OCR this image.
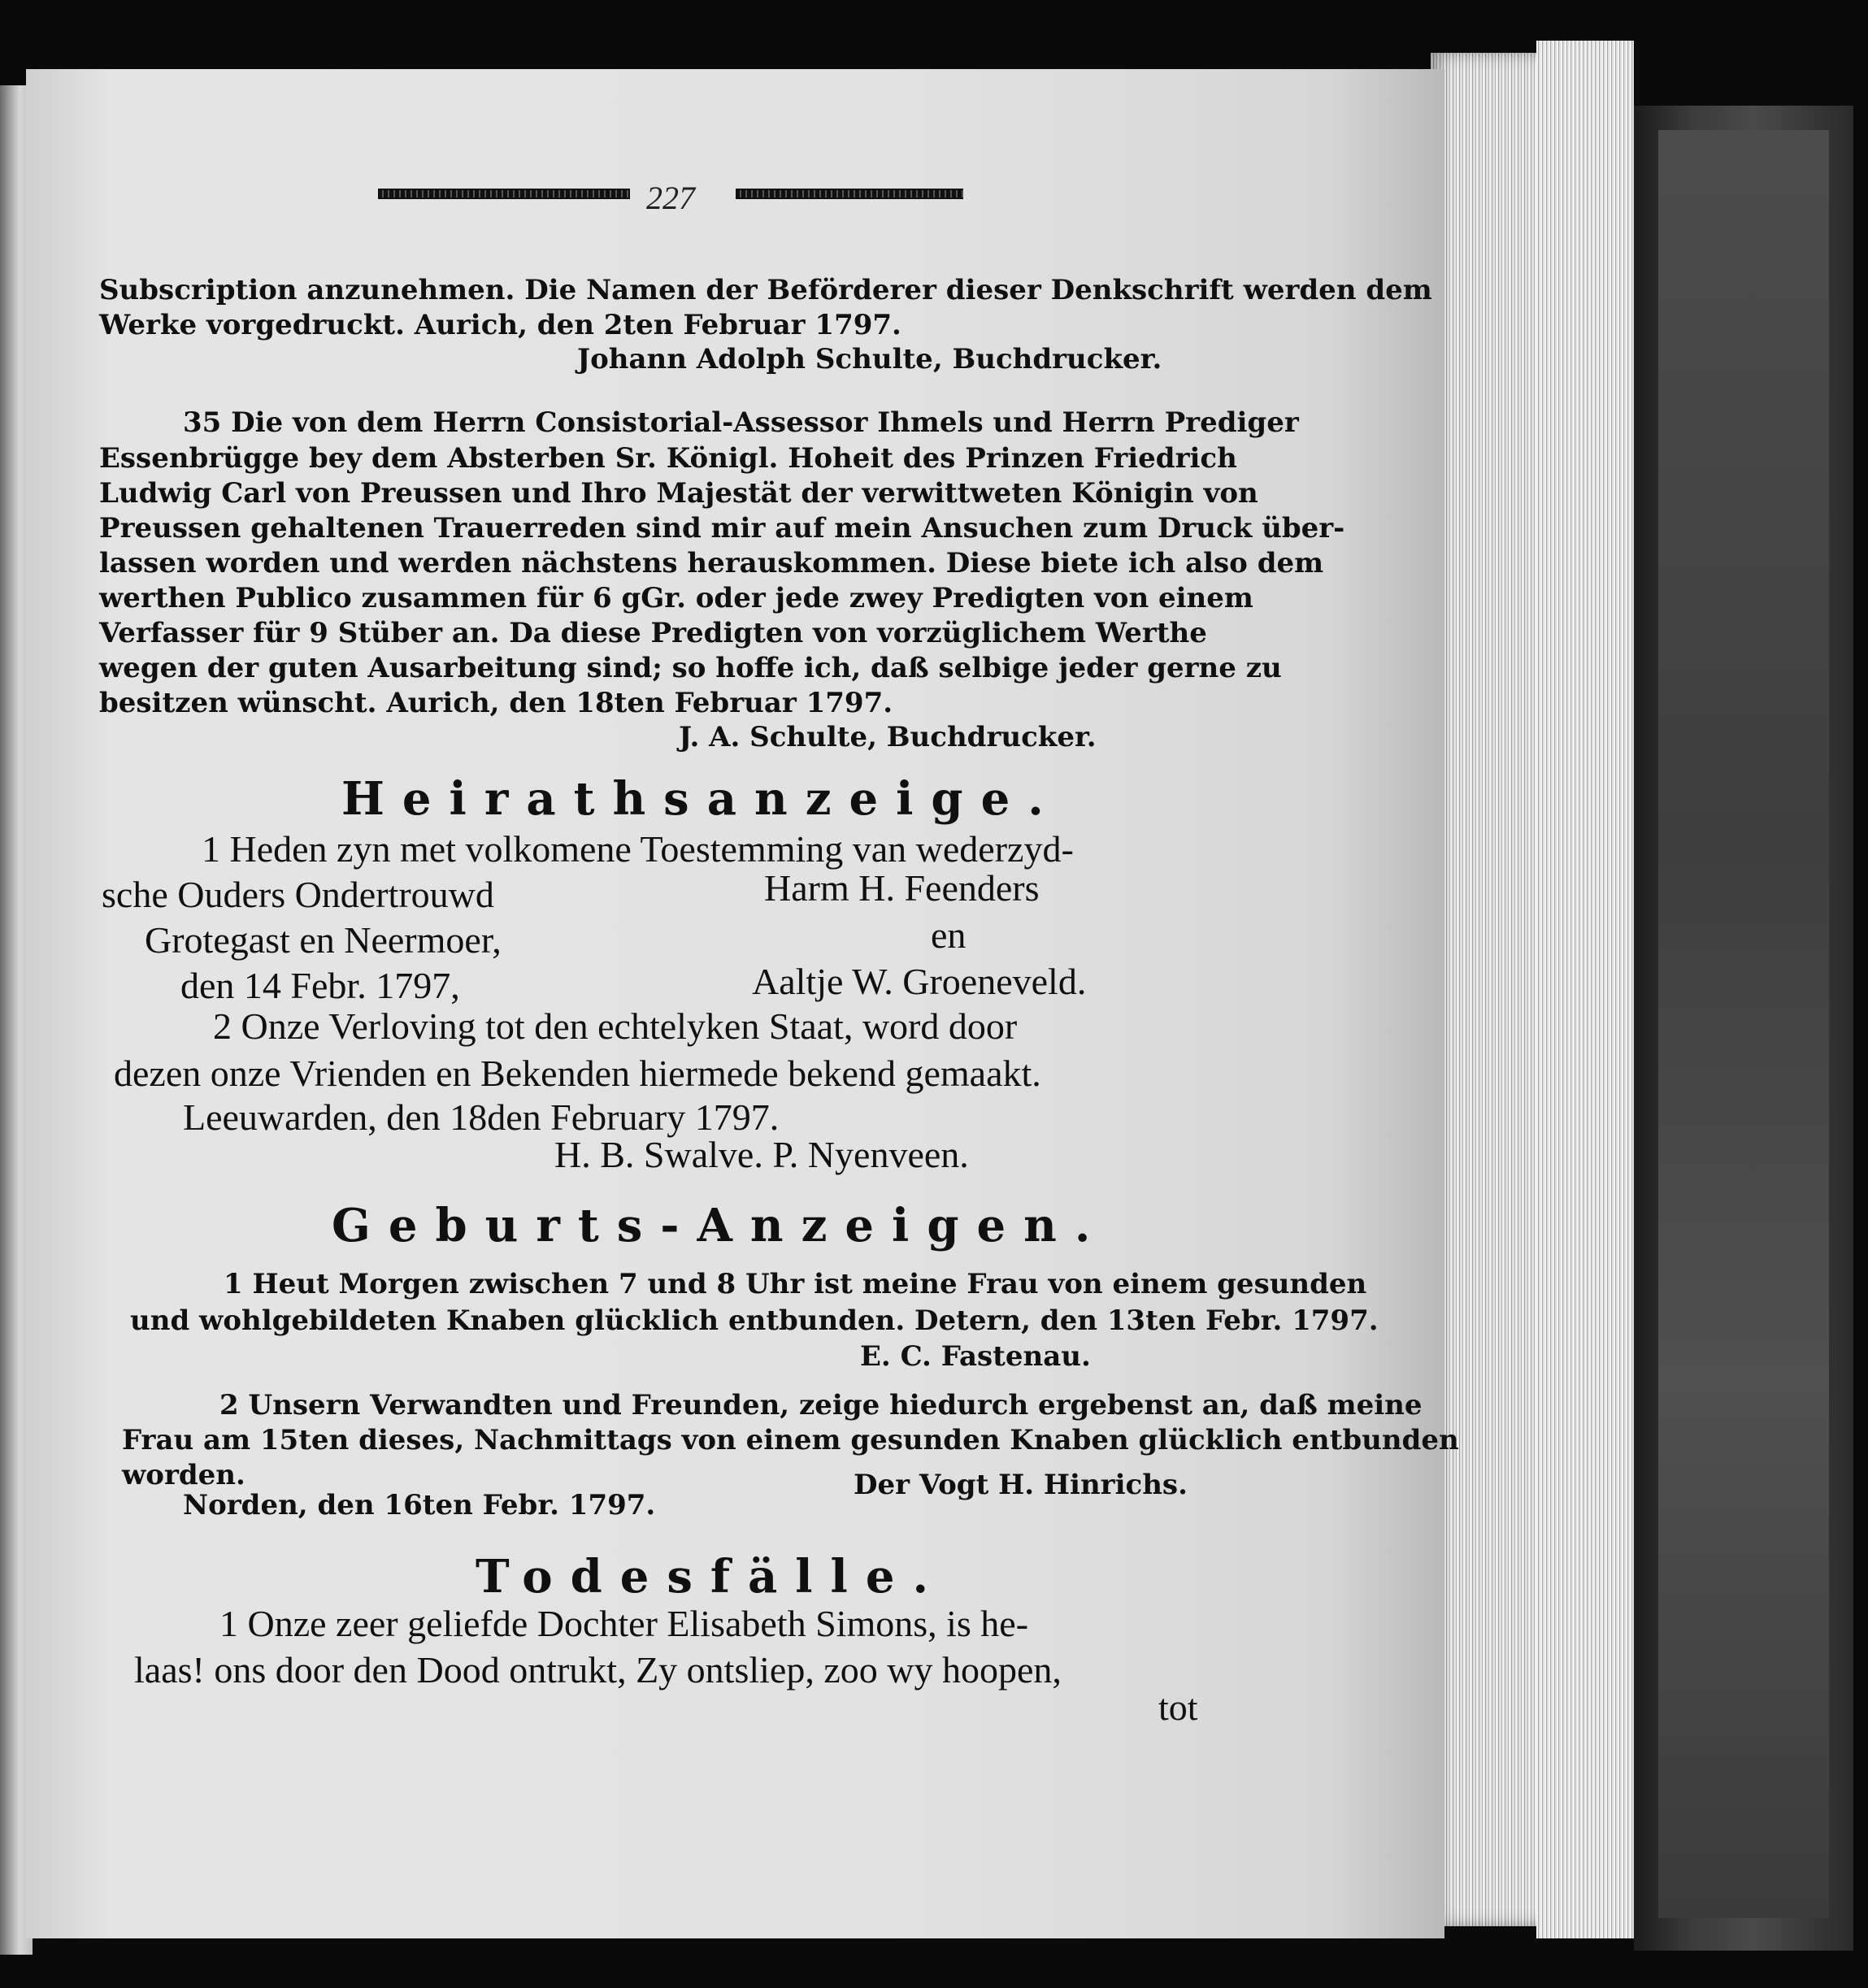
227
Subscription anzunehmen. Die Namen der Beförderer dieser Denkschrift werden dem
Werke vorgedruckt. Aurich, den 2ten Februar 1797.
Johann Adolph Schulte, Buchdrucker.
35 Die von dem Herrn Consistorial-Assessor Ihmels und Herrn Prediger
Essenbrügge bey dem Absterben Sr. Königl. Hoheit des Prinzen Friedrich
Ludwig Carl von Preussen und Ihro Majestät der verwittweten Königin von
Preussen gehaltenen Trauerreden sind mir auf mein Ansuchen zum Druck über-
lassen worden und werden nächstens herauskommen. Diese biete ich also dem
werthen Publico zusammen für 6 gGr. oder jede zwey Predigten von einem
Verfasser für 9 Stüber an. Da diese Predigten von vorzüglichem Werthe
wegen der guten Ausarbeitung sind; so hoffe ich, daß selbige jeder gerne zu
besitzen wünscht. Aurich, den 18ten Februar 1797.
J. A. Schulte, Buchdrucker.
Heirathsanzeige.
1 Heden zyn met volkomene Toestemming van wederzyd-
sche Ouders Ondertrouwd
Grotegast en Neermoer,
den 14 Febr. 1797,
Harm H. Feenders
en
Aaltje W. Groeneveld.
2 Onze Verloving tot den echtelyken Staat, word door
dezen onze Vrienden en Bekenden hiermede bekend gemaakt.
Leeuwarden, den 18den February 1797.
H. B. Swalve. P. Nyenveen.
Geburts-Anzeigen.
1 Heut Morgen zwischen 7 und 8 Uhr ist meine Frau von einem gesunden
und wohlgebildeten Knaben glücklich entbunden. Detern, den 13ten Febr. 1797.
E. C. Fastenau.
2 Unsern Verwandten und Freunden, zeige hiedurch ergebenst an, daß meine
Frau am 15ten dieses, Nachmittags von einem gesunden Knaben glücklich entbunden
worden.
Norden, den 16ten Febr. 1797.
Der Vogt H. Hinrichs.
Todesfälle.
1 Onze zeer geliefde Dochter Elisabeth Simons, is he-
laas! ons door den Dood ontrukt, Zy ontsliep, zoo wy hoopen,
tot
